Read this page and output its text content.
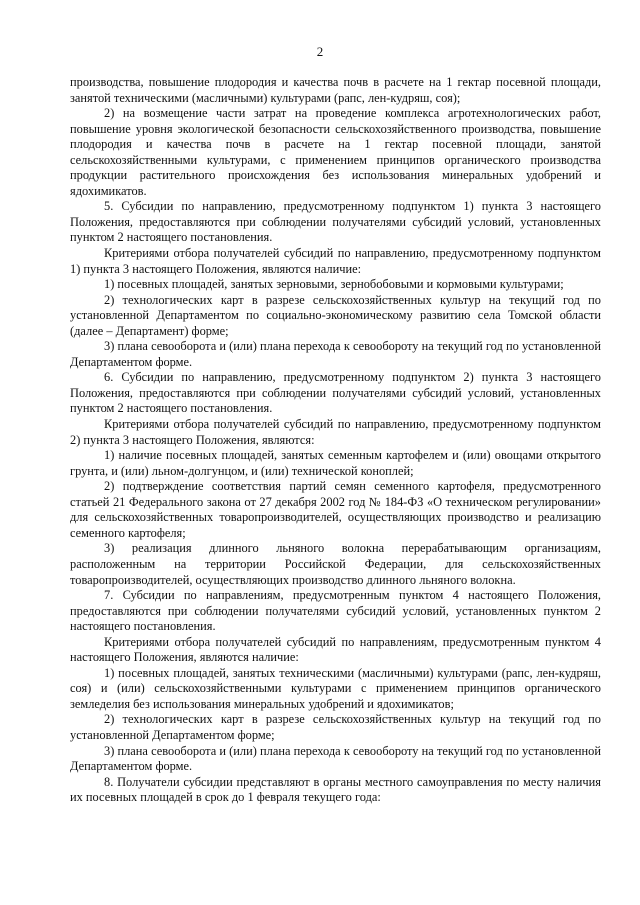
2

производства, повышение плодородия и качества почв в расчете на 1 гектар посевной площади, занятой техническими (масличными) культурами (рапс, лен-кудряш, соя);

2) на возмещение части затрат на проведение комплекса агротехнологических работ, повышение уровня экологической безопасности сельскохозяйственного производства, повышение плодородия и качества почв в расчете на 1 гектар посевной площади, занятой сельскохозяйственными культурами, с применением принципов органического производства продукции растительного происхождения без использования минеральных удобрений и ядохимикатов.

5. Субсидии по направлению, предусмотренному подпунктом 1) пункта 3 настоящего Положения, предоставляются при соблюдении получателями субсидий условий, установленных пунктом 2 настоящего постановления.

Критериями отбора получателей субсидий по направлению, предусмотренному подпунктом 1) пункта 3 настоящего Положения, являются наличие:

1) посевных площадей, занятых зерновыми, зернобобовыми и кормовыми культурами;

2) технологических карт в разрезе сельскохозяйственных культур на текущий год по установленной Департаментом по социально-экономическому развитию села Томской области (далее – Департамент) форме;

3) плана севооборота и (или) плана перехода к севообороту на текущий год по установленной Департаментом форме.

6. Субсидии по направлению, предусмотренному подпунктом 2) пункта 3 настоящего Положения, предоставляются при соблюдении получателями субсидий условий, установленных пунктом 2 настоящего постановления.

Критериями отбора получателей субсидий по направлению, предусмотренному подпунктом 2) пункта 3 настоящего Положения, являются:

1) наличие посевных площадей, занятых семенным картофелем и (или) овощами открытого грунта, и (или) льном-долгунцом, и (или) технической коноплей;

2) подтверждение соответствия партий семян семенного картофеля, предусмотренного статьей 21 Федерального закона от 27 декабря 2002 год № 184-ФЗ «О техническом регулировании» для сельскохозяйственных товаропроизводителей, осуществляющих производство и реализацию семенного картофеля;

3) реализация длинного льняного волокна перерабатывающим организациям, расположенным на территории Российской Федерации, для сельскохозяйственных товаропроизводителей, осуществляющих производство длинного льняного волокна.

7. Субсидии по направлениям, предусмотренным пунктом 4 настоящего Положения, предоставляются при соблюдении получателями субсидий условий, установленных пунктом 2 настоящего постановления.

Критериями отбора получателей субсидий по направлениям, предусмотренным пунктом 4 настоящего Положения, являются наличие:

1) посевных площадей, занятых техническими (масличными) культурами (рапс, лен-кудряш, соя) и (или) сельскохозяйственными культурами с применением принципов органического земледелия без использования минеральных удобрений и ядохимикатов;

2) технологических карт в разрезе сельскохозяйственных культур на текущий год по установленной Департаментом форме;

3) плана севооборота и (или) плана перехода к севообороту на текущий год по установленной Департаментом форме.

8. Получатели субсидии представляют в органы местного самоуправления по месту наличия их посевных площадей в срок до 1 февраля текущего года:
